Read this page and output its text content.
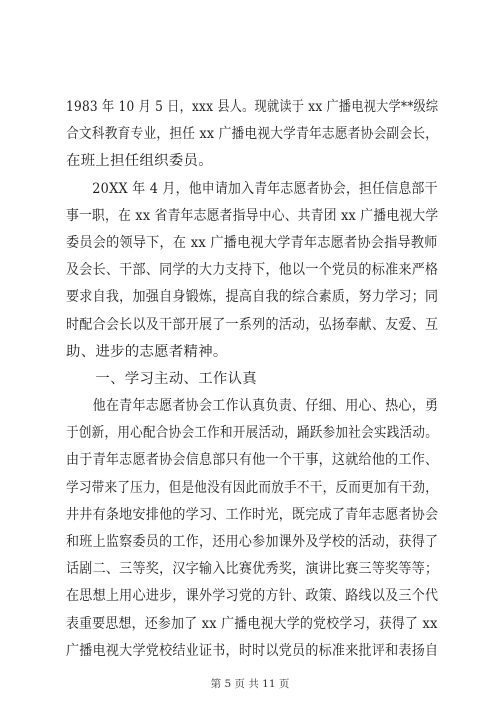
1983 年 10 月 5 日，xxx 县人。现就读于 xx 广播电视大学**级综
合文科教育专业，担任 xx 广播电视大学青年志愿者协会副会长，
在班上担任组织委员。
　　20XX 年 4 月，他申请加入青年志愿者协会，担任信息部干
事一职，在 xx 省青年志愿者指导中心、共青团 xx 广播电视大学
委员会的领导下，在 xx 广播电视大学青年志愿者协会指导教师
及会长、干部、同学的大力支持下，他以一个党员的标准来严格
要求自我，加强自身锻炼，提高自我的综合素质，努力学习；同
时配合会长以及干部开展了一系列的活动，弘扬奉献、友爱、互
助、进步的志愿者精神。
　　一、学习主动、工作认真
　　他在青年志愿者协会工作认真负责、仔细、用心、热心，勇
于创新，用心配合协会工作和开展活动，踊跃参加社会实践活动。
由于青年志愿者协会信息部只有他一个干事，这就给他的工作、
学习带来了压力，但是他没有因此而放手不干，反而更加有干劲，
井井有条地安排他的学习、工作时光，既完成了青年志愿者协会
和班上监察委员的工作，还用心参加课外及学校的活动，获得了
话剧二、三等奖，汉字输入比赛优秀奖，演讲比赛三等奖等等；
在思想上用心进步，课外学习党的方针、政策、路线以及三个代
表重要思想，还参加了 xx 广播电视大学的党校学习，获得了 xx
广播电视大学党校结业证书，时时以党员的标准来批评和表扬自
第 5 页 共 11 页
